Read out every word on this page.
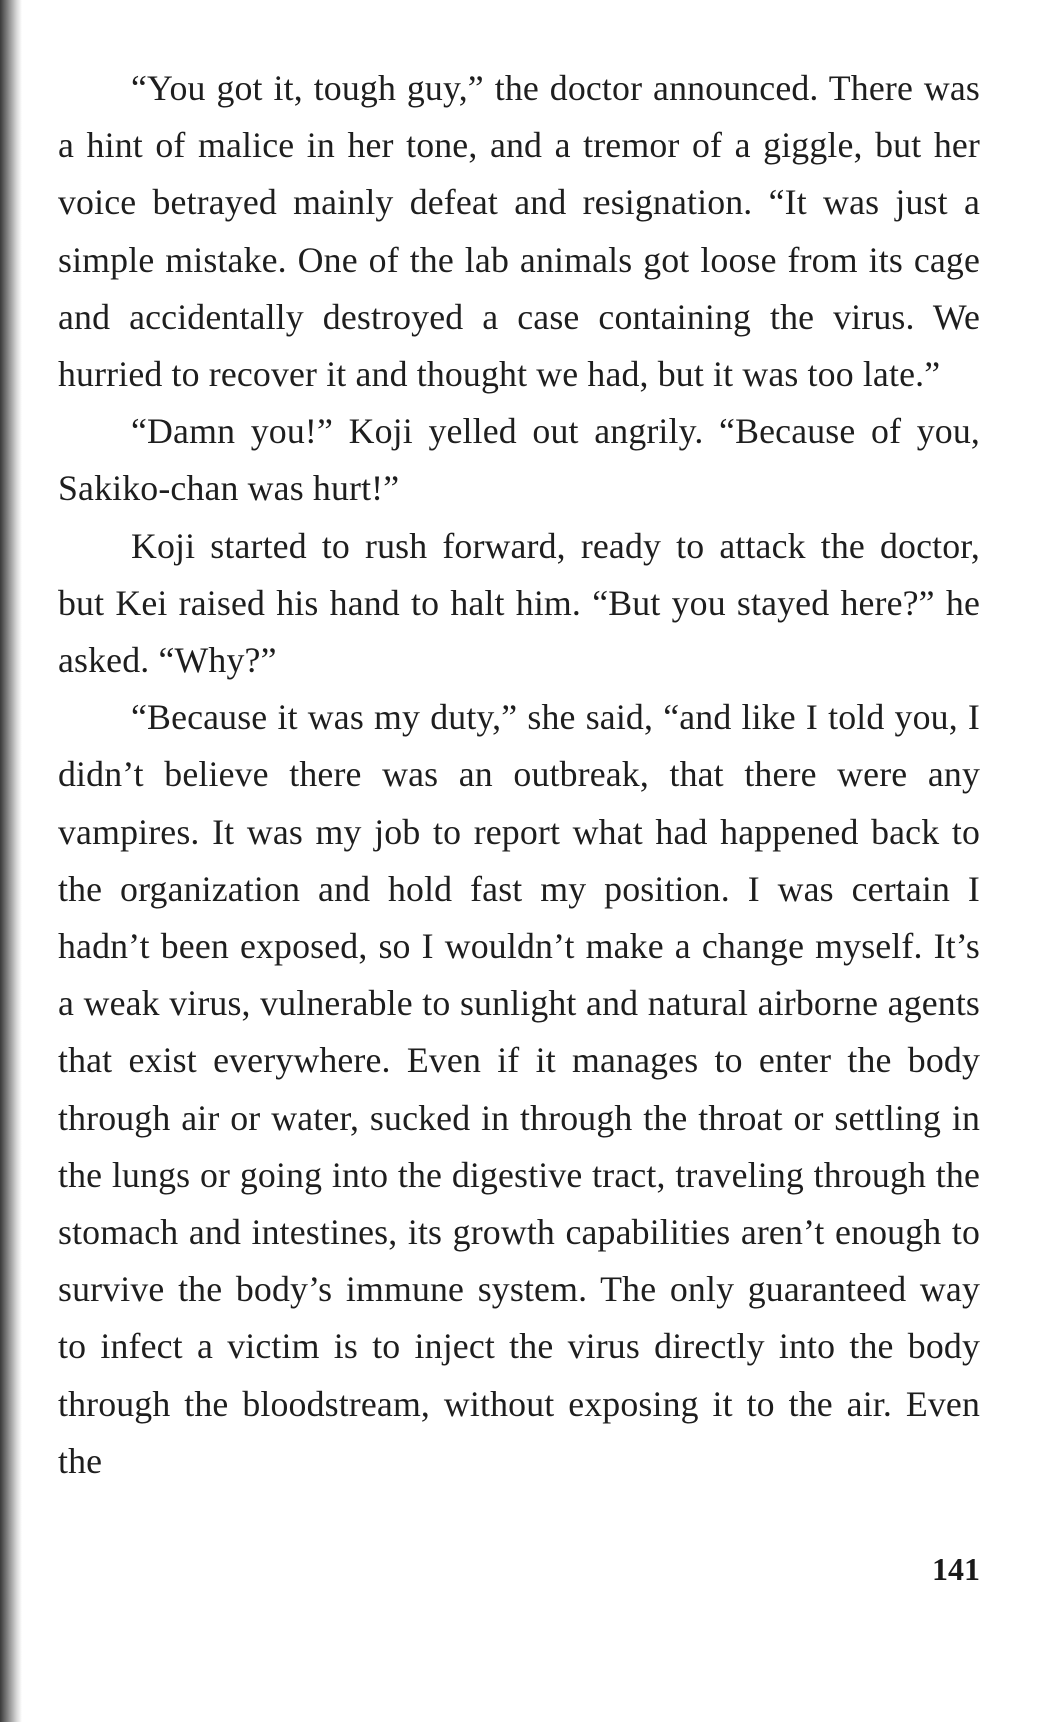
“You got it, tough guy,” the doctor announced. There was a hint of malice in her tone, and a tremor of a giggle, but her voice betrayed mainly defeat and resignation. “It was just a simple mistake. One of the lab animals got loose from its cage and accidentally destroyed a case containing the virus. We hurried to recover it and thought we had, but it was too late.”

“Damn you!” Koji yelled out angrily. “Because of you, Sakiko-chan was hurt!”

Koji started to rush forward, ready to attack the doctor, but Kei raised his hand to halt him. “But you stayed here?” he asked. “Why?”

“Because it was my duty,” she said, “and like I told you, I didn’t believe there was an outbreak, that there were any vampires. It was my job to report what had happened back to the organization and hold fast my position. I was certain I hadn’t been exposed, so I wouldn’t make a change myself. It’s a weak virus, vulnerable to sunlight and natural airborne agents that exist everywhere. Even if it manages to enter the body through air or water, sucked in through the throat or settling in the lungs or going into the digestive tract, traveling through the stomach and intestines, its growth capabilities aren’t enough to survive the body’s immune system. The only guaranteed way to infect a victim is to inject the virus directly into the body through the bloodstream, without exposing it to the air. Even the

141
